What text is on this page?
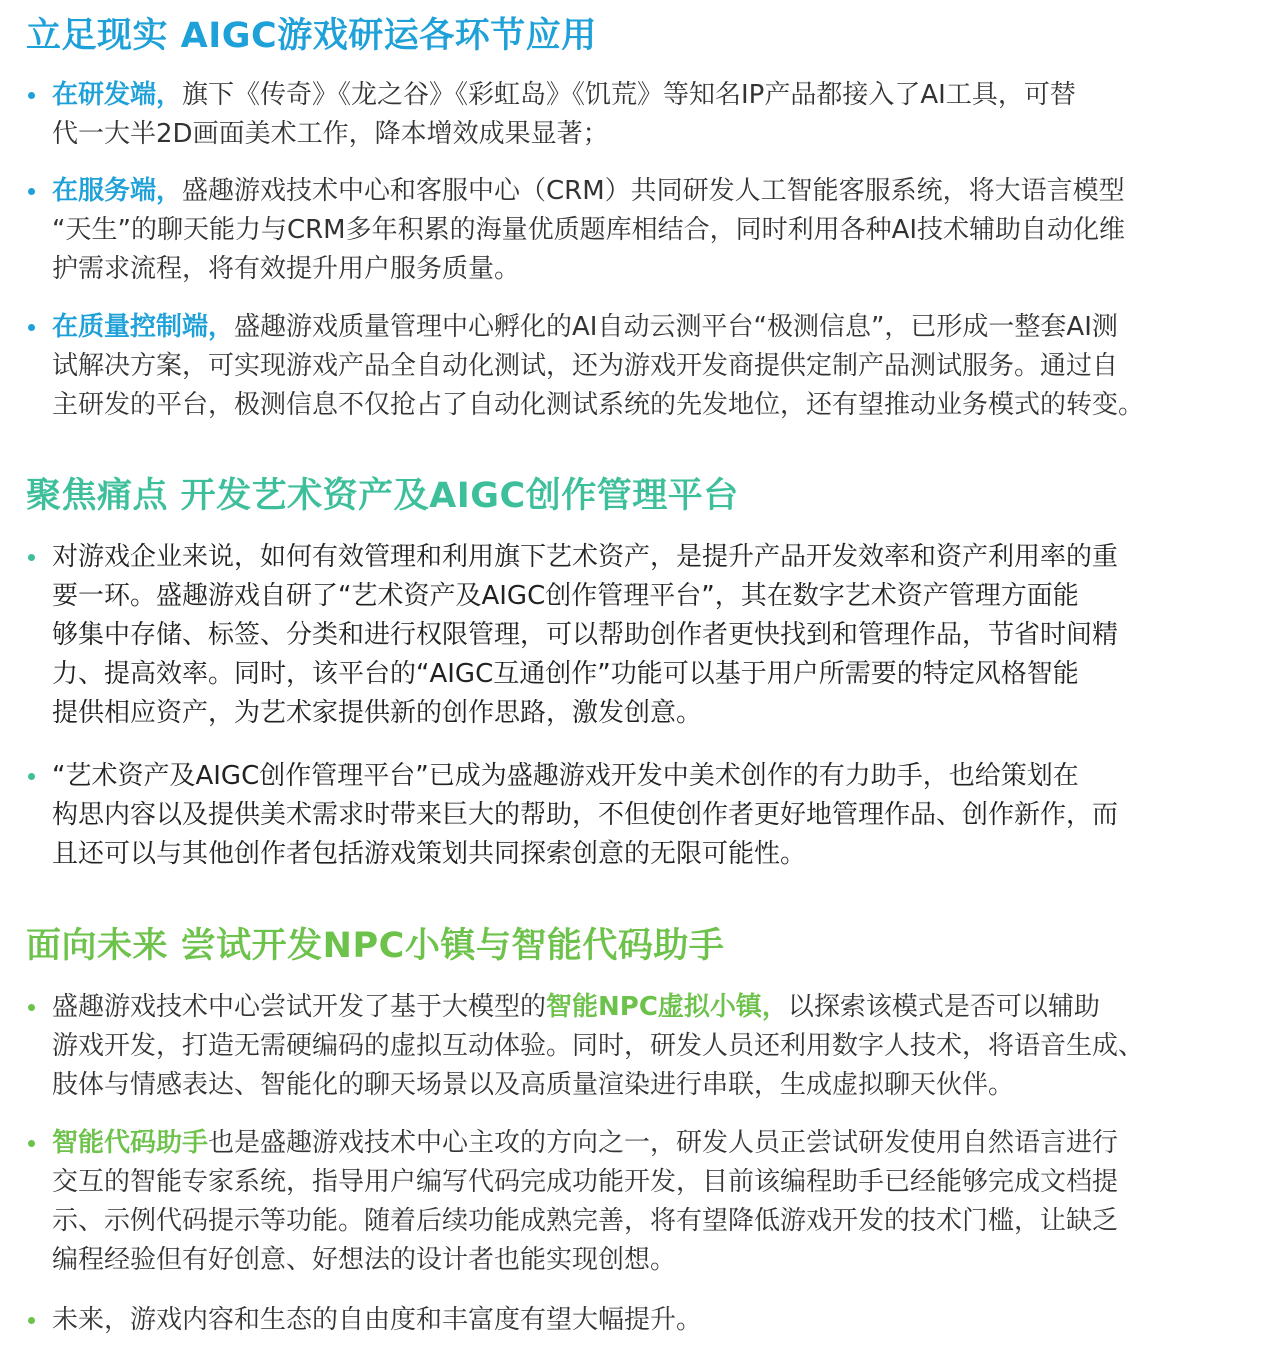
立足现实 AIGC游戏研运各环节应用
在研发端，旗下《传奇》《龙之谷》《彩虹岛》《饥荒》等知名IP产品都接入了AI工具，可替
代一大半2D画面美术工作，降本增效成果显著；
在服务端，盛趣游戏技术中心和客服中心（CRM）共同研发人工智能客服系统，将大语言模型
“天生”的聊天能力与CRM多年积累的海量优质题库相结合，同时利用各种AI技术辅助自动化维
护需求流程，将有效提升用户服务质量。
在质量控制端，盛趣游戏质量管理中心孵化的AI自动云测平台“极测信息”，已形成一整套AI测
试解决方案，可实现游戏产品全自动化测试，还为游戏开发商提供定制产品测试服务。通过自
主研发的平台，极测信息不仅抢占了自动化测试系统的先发地位，还有望推动业务模式的转变。
聚焦痛点 开发艺术资产及AIGC创作管理平台
对游戏企业来说，如何有效管理和利用旗下艺术资产，是提升产品开发效率和资产利用率的重
要一环。盛趣游戏自研了“艺术资产及AIGC创作管理平台”，其在数字艺术资产管理方面能
够集中存储、标签、分类和进行权限管理，可以帮助创作者更快找到和管理作品，节省时间精
力、提高效率。同时，该平台的“AIGC互通创作”功能可以基于用户所需要的特定风格智能
提供相应资产，为艺术家提供新的创作思路，激发创意。
“艺术资产及AIGC创作管理平台”已成为盛趣游戏开发中美术创作的有力助手，也给策划在
构思内容以及提供美术需求时带来巨大的帮助，不但使创作者更好地管理作品、创作新作，而
且还可以与其他创作者包括游戏策划共同探索创意的无限可能性。
面向未来 尝试开发NPC小镇与智能代码助手
盛趣游戏技术中心尝试开发了基于大模型的智能NPC虚拟小镇，以探索该模式是否可以辅助
游戏开发，打造无需硬编码的虚拟互动体验。同时，研发人员还利用数字人技术，将语音生成、
肢体与情感表达、智能化的聊天场景以及高质量渲染进行串联，生成虚拟聊天伙伴。
智能代码助手也是盛趣游戏技术中心主攻的方向之一，研发人员正尝试研发使用自然语言进行
交互的智能专家系统，指导用户编写代码完成功能开发，目前该编程助手已经能够完成文档提
示、示例代码提示等功能。随着后续功能成熟完善，将有望降低游戏开发的技术门槛，让缺乏
编程经验但有好创意、好想法的设计者也能实现创想。
未来，游戏内容和生态的自由度和丰富度有望大幅提升。
